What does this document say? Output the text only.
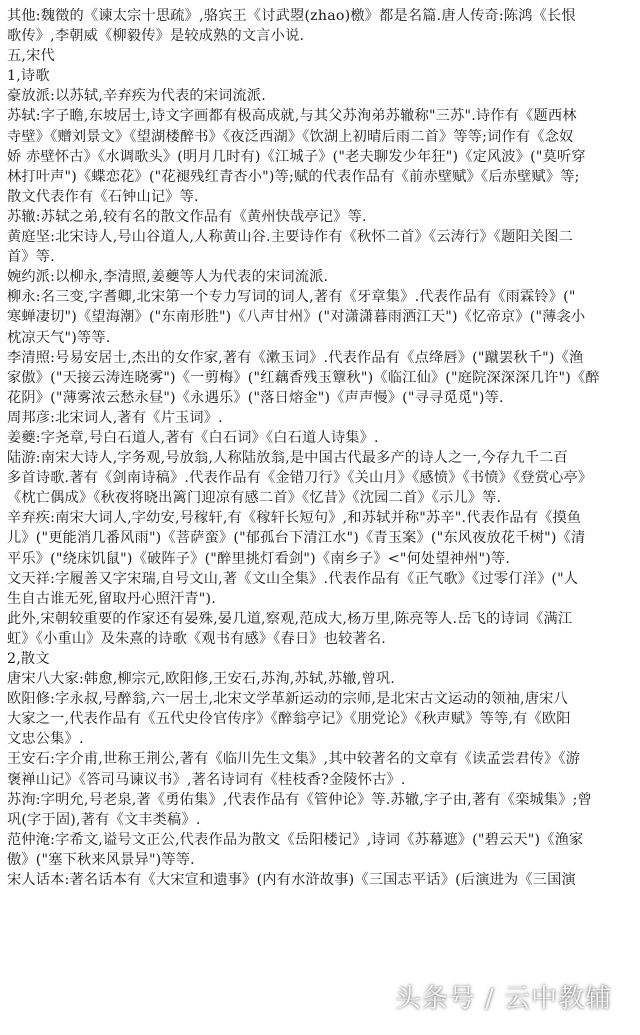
其他:魏徵的《谏太宗十思疏》,骆宾王《讨武曌(zhao)檄》都是名篇.唐人传奇:陈鸿《长恨
歌传》,李朝威《柳毅传》是较成熟的文言小说.
五,宋代
1,诗歌
豪放派:以苏轼,辛弃疾为代表的宋词流派.
苏轼:字子瞻,东坡居士,诗文字画都有极高成就,与其父苏洵弟苏辙称"三苏".诗作有《题西林
寺壁》《赠刘景文》《望湖楼醉书》《夜泛西湖》《饮湖上初晴后雨二首》等等;词作有《念奴
娇 赤壁怀古》《水调歌头》(明月几时有)《江城子》("老夫聊发少年狂")《定风波》("莫听穿
林打叶声")《蝶恋花》("花褪残红青杏小")等;赋的代表作品有《前赤壁赋》《后赤壁赋》等;
散文代表作有《石钟山记》等.
苏辙:苏轼之弟,较有名的散文作品有《黄州快哉亭记》等.
黄庭坚:北宋诗人,号山谷道人,人称黄山谷.主要诗作有《秋怀二首》《云涛行》《题阳关图二
首》等.
婉约派:以柳永,李清照,姜夔等人为代表的宋词流派.
柳永:名三变,字耆卿,北宋第一个专力写词的词人,著有《牙章集》.代表作品有《雨霖铃》("
寒蝉凄切")《望海潮》("东南形胜")《八声甘州》("对潇潇暮雨洒江天")《忆帝京》("薄衾小
枕凉天气")等等.
李清照:号易安居士,杰出的女作家,著有《漱玉词》.代表作品有《点绛唇》("蹴罢秋千")《渔
家傲》("天接云涛连晓雾")《一剪梅》("红藕香残玉簟秋")《临江仙》("庭院深深深几许")《醉
花阴》("薄雾浓云愁永昼")《永遇乐》("落日熔金")《声声慢》("寻寻觅觅")等.
周邦彦:北宋词人,著有《片玉词》.
姜夔:字尧章,号白石道人,著有《白石词》《白石道人诗集》.
陆游:南宋大诗人,字务观,号放翁,人称陆放翁,是中国古代最多产的诗人之一,今存九千二百
多首诗歌.著有《剑南诗稿》.代表作品有《金错刀行》《关山月》《感愤》《书愤》《登赏心亭》
《枕亡偶成》《秋夜将晓出篱门迎凉有感二首》《忆昔》《沈园二首》《示儿》等.
辛弃疾:南宋大词人,字幼安,号稼轩,有《稼轩长短句》,和苏轼并称"苏辛".代表作品有《摸鱼
儿》("更能消几番风雨")《菩萨蛮》("郁孤台下清江水")《青玉案》("东风夜放花千树")《清
平乐》("绕床饥鼠")《破阵子》("醉里挑灯看剑")《南乡子》<"何处望神州")等.
文天祥:字履善又字宋瑞,自号文山,著《文山全集》.代表作品有《正气歌》《过零仃洋》("人
生自古谁无死,留取丹心照汗青").
此外,宋朝较重要的作家还有晏殊,晏几道,察观,范成大,杨万里,陈亮等人.岳飞的诗词《满江
虹》《小重山》及朱熹的诗歌《观书有感》《春日》也较著名.
2,散文
唐宋八大家:韩愈,柳宗元,欧阳修,王安石,苏洵,苏轼,苏辙,曾巩.
欧阳修:字永叔,号醉翁,六一居士,北宋文学革新运动的宗师,是北宋古文运动的领袖,唐宋八
大家之一,代表作品有《五代史伶官传序》《醉翁亭记》《朋党论》《秋声赋》等等,有《欧阳
文忠公集》.
王安石:字介甫,世称王荆公,著有《临川先生文集》,其中较著名的文章有《读孟尝君传》《游
褒禅山记》《答司马谏议书》,著名诗词有《桂枝香?金陵怀古》.
苏洵:字明允,号老泉,著《勇佑集》,代表作品有《管仲论》等.苏辙,字子由,著有《栾城集》;曾
巩(字于固),著有《文丰类稿》.
范仲淹:字希文,谥号文正公,代表作品为散文《岳阳楼记》,诗词《苏幕遮》("碧云天")《渔家
傲》("塞下秋来风景异")等等.
宋人话本:著名话本有《大宋宣和遗事》(内有水浒故事)《三国志平话》(后演进为《三国演
头条号 / 云中教辅
